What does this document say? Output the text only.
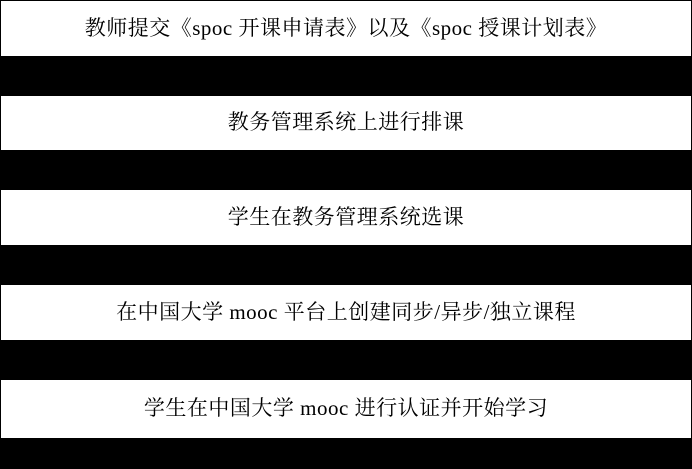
教师提交《spoc 开课申请表》以及《spoc 授课计划表》
教务管理系统上进行排课
学生在教务管理系统选课
在中国大学 mooc 平台上创建同步/异步/独立课程
学生在中国大学 mooc 进行认证并开始学习
